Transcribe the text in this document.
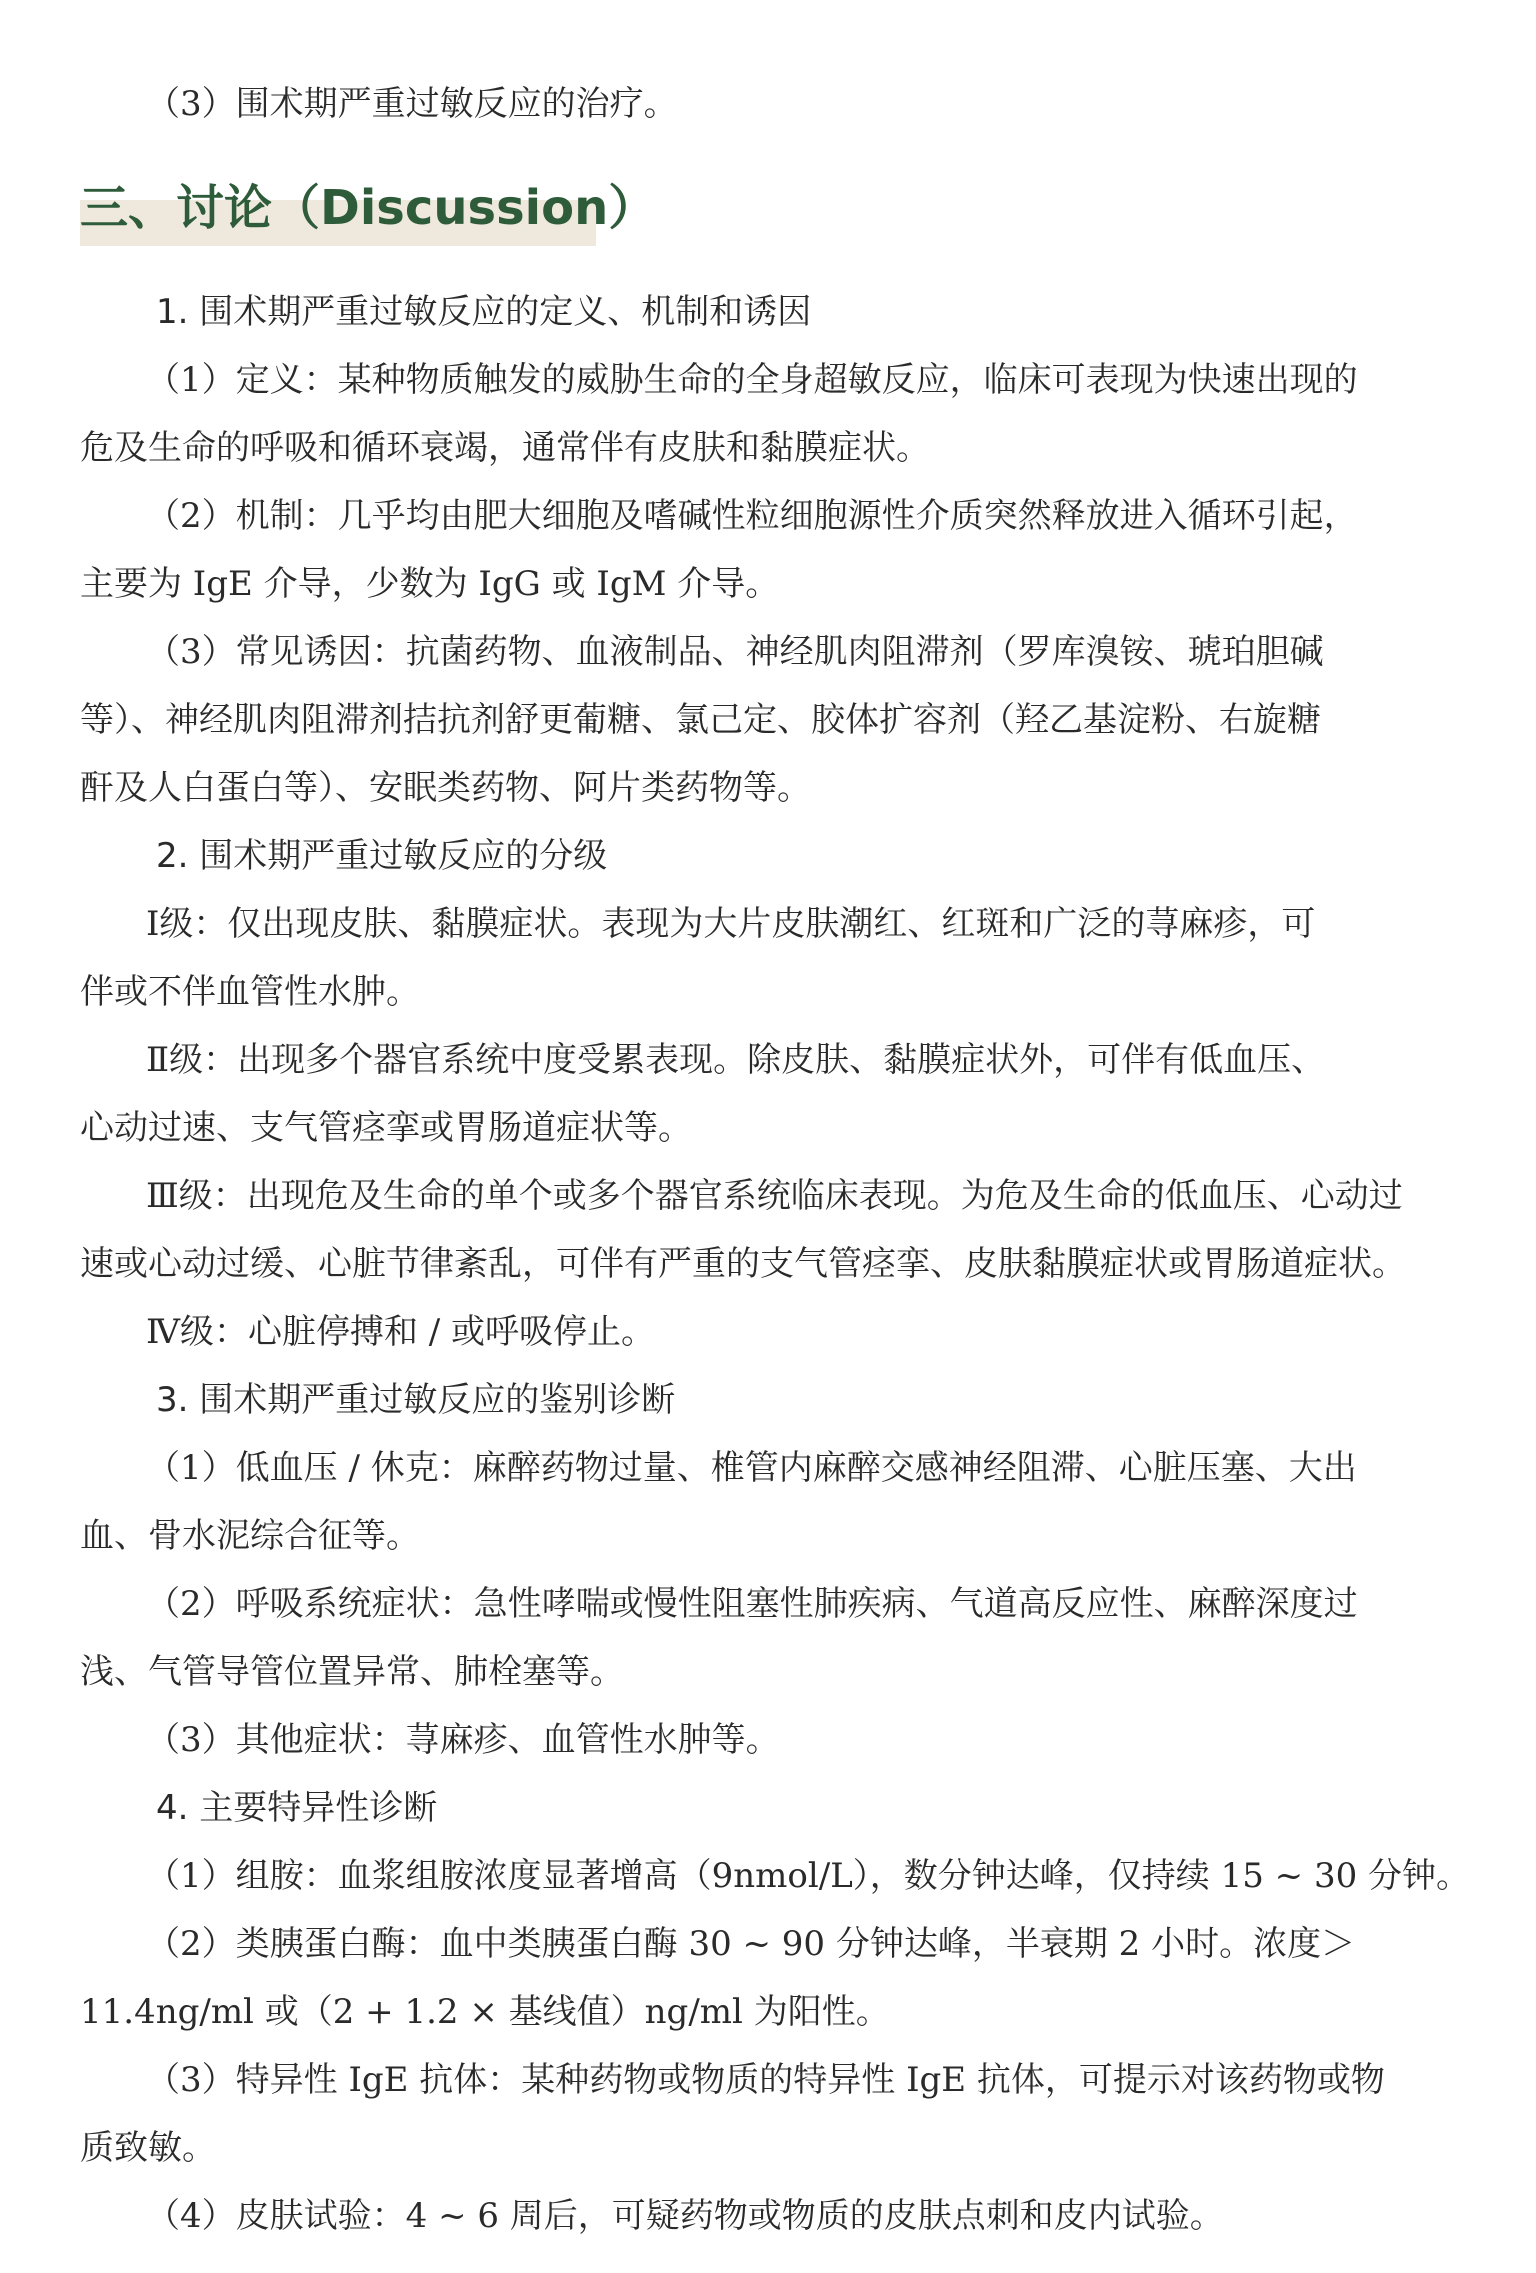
（3）围术期严重过敏反应的治疗。
三、讨论（Discussion）
1. 围术期严重过敏反应的定义、机制和诱因
（1）定义：某种物质触发的威胁生命的全身超敏反应，临床可表现为快速出现的
危及生命的呼吸和循环衰竭，通常伴有皮肤和黏膜症状。
（2）机制：几乎均由肥大细胞及嗜碱性粒细胞源性介质突然释放进入循环引起，
主要为 IgE 介导，少数为 IgG 或 IgM 介导。
（3）常见诱因：抗菌药物、血液制品、神经肌肉阻滞剂（罗库溴铵、琥珀胆碱
等）、神经肌肉阻滞剂拮抗剂舒更葡糖、氯己定、胶体扩容剂（羟乙基淀粉、右旋糖
酐及人白蛋白等）、安眠类药物、阿片类药物等。
2. 围术期严重过敏反应的分级
Ⅰ级：仅出现皮肤、黏膜症状。表现为大片皮肤潮红、红斑和广泛的荨麻疹，可
伴或不伴血管性水肿。
Ⅱ级：出现多个器官系统中度受累表现。除皮肤、黏膜症状外，可伴有低血压、
心动过速、支气管痉挛或胃肠道症状等。
Ⅲ级：出现危及生命的单个或多个器官系统临床表现。为危及生命的低血压、心动过
速或心动过缓、心脏节律紊乱，可伴有严重的支气管痉挛、皮肤黏膜症状或胃肠道症状。
Ⅳ级：心脏停搏和 / 或呼吸停止。
3. 围术期严重过敏反应的鉴别诊断
（1）低血压 / 休克：麻醉药物过量、椎管内麻醉交感神经阻滞、心脏压塞、大出
血、骨水泥综合征等。
（2）呼吸系统症状：急性哮喘或慢性阻塞性肺疾病、气道高反应性、麻醉深度过
浅、气管导管位置异常、肺栓塞等。
（3）其他症状：荨麻疹、血管性水肿等。
4. 主要特异性诊断
（1）组胺：血浆组胺浓度显著增高（9nmol/L），数分钟达峰，仅持续 15 ~ 30 分钟。
（2）类胰蛋白酶：血中类胰蛋白酶 30 ~ 90 分钟达峰，半衰期 2 小时。浓度＞
11.4ng/ml 或（2 + 1.2 × 基线值）ng/ml 为阳性。
（3）特异性 IgE 抗体：某种药物或物质的特异性 IgE 抗体，可提示对该药物或物
质致敏。
（4）皮肤试验：4 ~ 6 周后，可疑药物或物质的皮肤点刺和皮内试验。
